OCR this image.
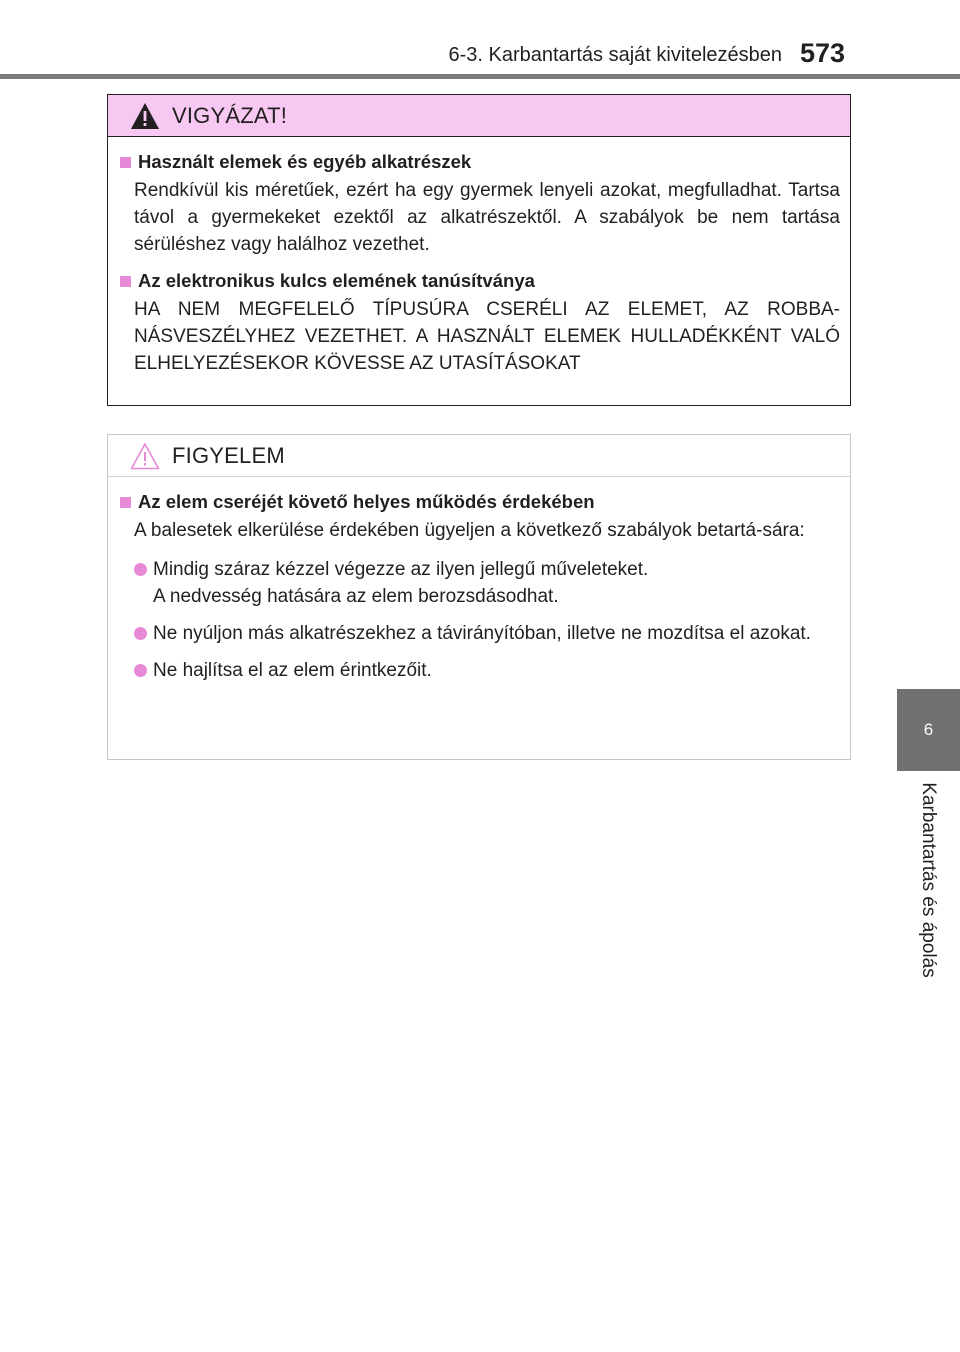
6-3. Karbantartás saját kivitelezésben 573
6
Karbantartás és ápolás
VIGYÁZAT!
Használt elemek és egyéb alkatrészek
Rendkívül kis méretűek, ezért ha egy gyermek lenyeli azokat, megfulladhat. Tartsa távol a gyermekeket ezektől az alkatrészektől. A szabályok be nem tartása sérüléshez vagy halálhoz vezethet.
Az elektronikus kulcs elemének tanúsítványa
HA NEM MEGFELELŐ TÍPUSÚRA CSERÉLI AZ ELEMET, AZ ROBBA-NÁSVESZÉLYHEZ VEZETHET. A HASZNÁLT ELEMEK HULLADÉKKÉNT VALÓ ELHELYEZÉSEKOR KÖVESSE AZ UTASÍTÁSOKAT
FIGYELEM
Az elem cseréjét követő helyes működés érdekében
A balesetek elkerülése érdekében ügyeljen a következő szabályok betartá-sára:
Mindig száraz kézzel végezze az ilyen jellegű műveleteket.
A nedvesség hatására az elem berozsdásodhat.
Ne nyúljon más alkatrészekhez a távirányítóban, illetve ne mozdítsa el azokat.
Ne hajlítsa el az elem érintkezőit.
